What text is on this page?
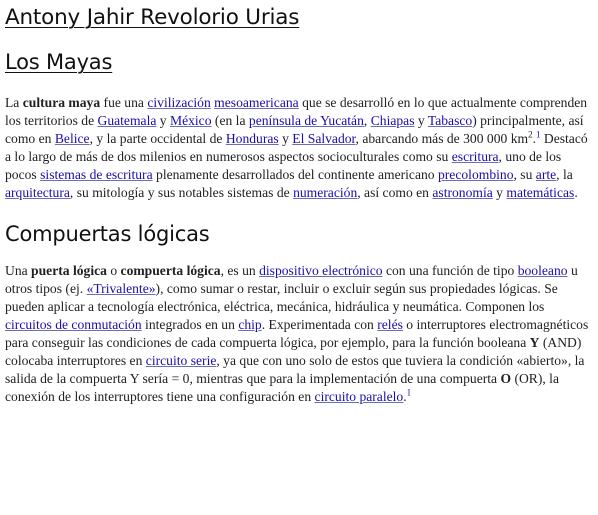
Antony Jahir Revolorio Urias
Los Mayas

La cultura maya fue una civilización mesoamericana que se desarrolló en lo que actualmente comprenden los territorios de Guatemala y México (en la península de Yucatán, Chiapas y Tabasco) principalmente, así como en Belice, y la parte occidental de Honduras y El Salvador, abarcando más de 300 000 $km^2.^1$ Destacó a lo largo de más de dos milenios en numerosos aspectos socioculturales como su escritura, uno de los pocos sistemas de escritura plenamente desarrollados del continente americano precolombino, su arte, la arquitectura, su mitología y sus notables sistemas de numeración, así como en astronomía y matemáticas.

Compuertas lógicas

Una puerta lógica o compuerta lógica, es un dispositivo electrónico con una función de tipo booleano u otros tipos (ej. «Trivalente»), como sumar o restar, incluir o excluir según sus propiedades lógicas. Se pueden aplicar a tecnología electrónica, eléctrica, mecánica, hidráulica y neumática. Componen los circuitos de conmutación integrados en un chip. Experimentada con relés o interruptores electromagnéticos para conseguir las condiciones de cada compuerta lógica, por ejemplo, para la función booleana Y (AND) colocaba interruptores en circuito serie, ya que con uno solo de estos que tuviera la condición «abierto», la salida de la compuerta Y sería = 0, mientras que para la implementación de una compuerta O (OR), la conexión de los interruptores tiene una configuración en circuito paralelo.$^1$
